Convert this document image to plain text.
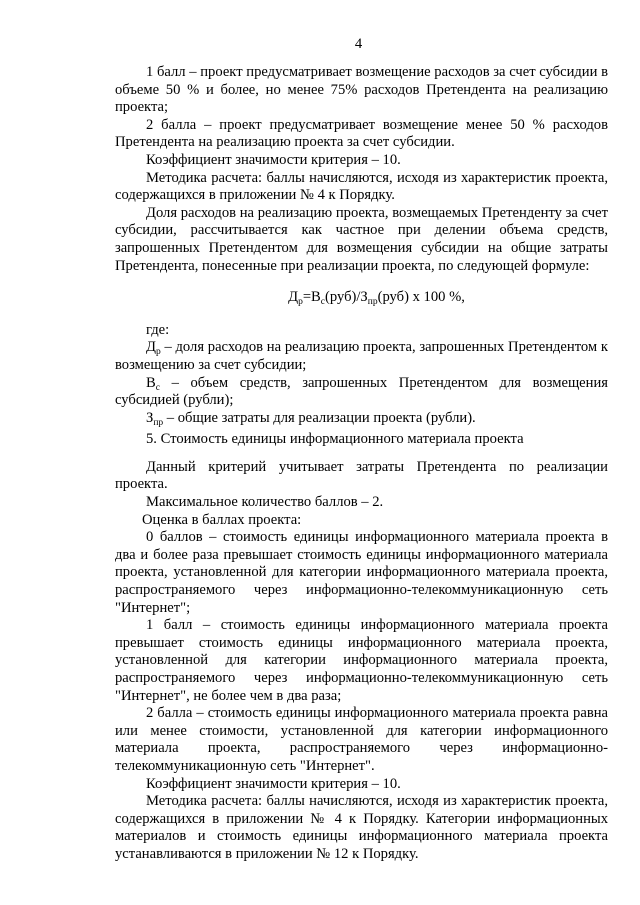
4

1 балл – проект предусматривает возмещение расходов за счет субсидии в объеме 50 % и более, но менее 75% расходов Претендента на реализацию проекта;

2 балла – проект предусматривает возмещение менее 50 % расходов Претендента на реализацию проекта за счет субсидии.

Коэффициент значимости критерия – 10.

Методика расчета: баллы начисляются, исходя из характеристик проекта, содержащихся в приложении № 4 к Порядку.

Доля расходов на реализацию проекта, возмещаемых Претенденту за счет субсидии, рассчитывается как частное при делении объема средств, запрошенных Претендентом для возмещения субсидии на общие затраты Претендента, понесенные при реализации проекта, по следующей формуле:

$Д_р=В_с(руб)/З_{пр}(руб)$ х 100 %,

где:

$Д_р$ – доля расходов на реализацию проекта, запрошенных Претендентом к возмещению за счет субсидии;

$В_с$ – объем средств, запрошенных Претендентом для возмещения субсидией (рубли);

$З_{пр}$ – общие затраты для реализации проекта (рубли).

5. Стоимость единицы информационного материала проекта

Данный критерий учитывает затраты Претендента по реализации проекта.

Максимальное количество баллов – 2.

Оценка в баллах проекта:

0 баллов – стоимость единицы информационного материала проекта в два и более раза превышает стоимость единицы информационного материала проекта, установленной для категории информационного материала проекта, распространяемого через информационно-телекоммуникационную сеть "Интернет";

1 балл – стоимость единицы информационного материала проекта превышает стоимость единицы информационного материала проекта, установленной для категории информационного материала проекта, распространяемого через информационно-телекоммуникационную сеть "Интернет", не более чем в два раза;

2 балла – стоимость единицы информационного материала проекта равна или менее стоимости, установленной для категории информационного материала проекта, распространяемого через информационно-телекоммуникационную сеть "Интернет".

Коэффициент значимости критерия – 10.

Методика расчета: баллы начисляются, исходя из характеристик проекта, содержащихся в приложении № 4 к Порядку. Категории информационных материалов и стоимость единицы информационного материала проекта устанавливаются в приложении № 12 к Порядку.
